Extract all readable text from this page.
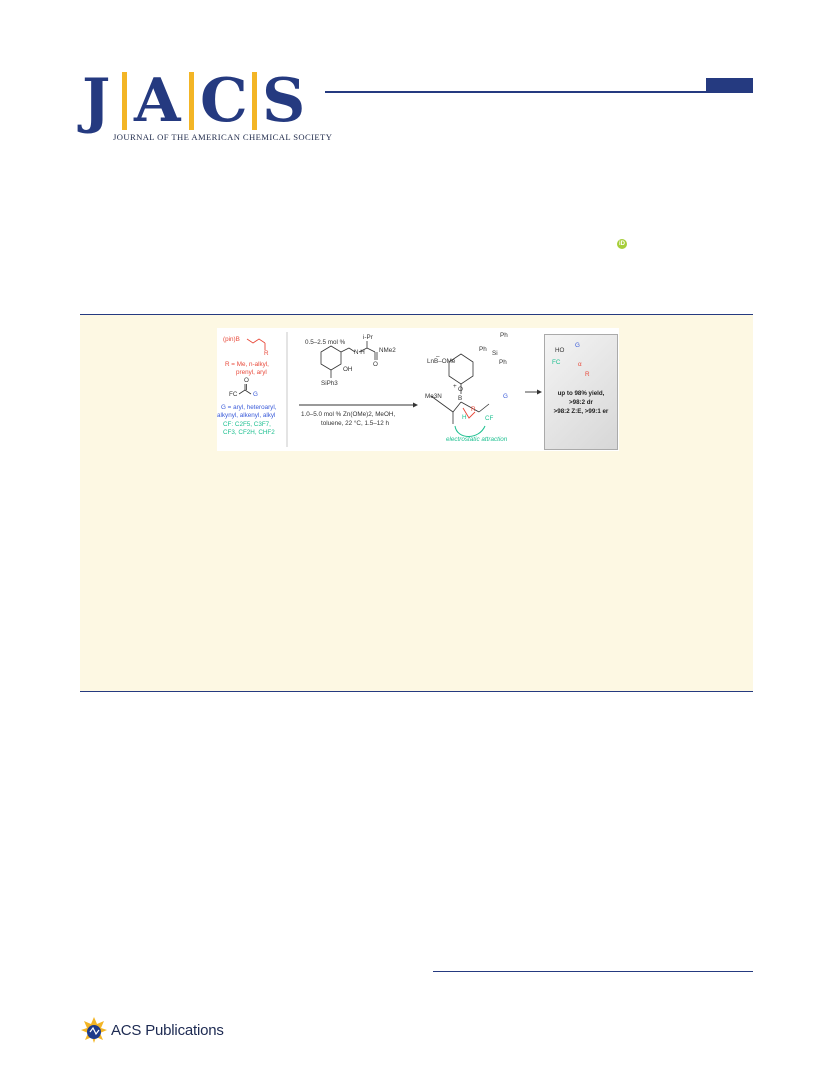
J A C S
JOURNAL OF THE AMERICAN CHEMICAL SOCIETY
iD
(pin)B
R
R = Me, n-alkyl,
prenyl, aryl
O
FC G
G = aryl, heteroaryl,
alkynyl, alkenyl, alkyl
CF: C2F5, C3F7,
CF3, CF2H, CHF2
0.5–2.5 mol %
i-Pr
NMe2
N H
O
OH
SiPh3
1.0–5.0 mol % Zn(OMe)2, MeOH,
toluene, 22 °C, 1.5–12 h
Ph
Ph
Ph
Si
LnB–OMe
–
+ O
B
Me3N
H
R
G
CF
electrostatic attraction
HO
G
FC	α
R
up to 98% yield,
>98:2 dr
>98:2 Z:E, >99:1 er
ACS Publications
